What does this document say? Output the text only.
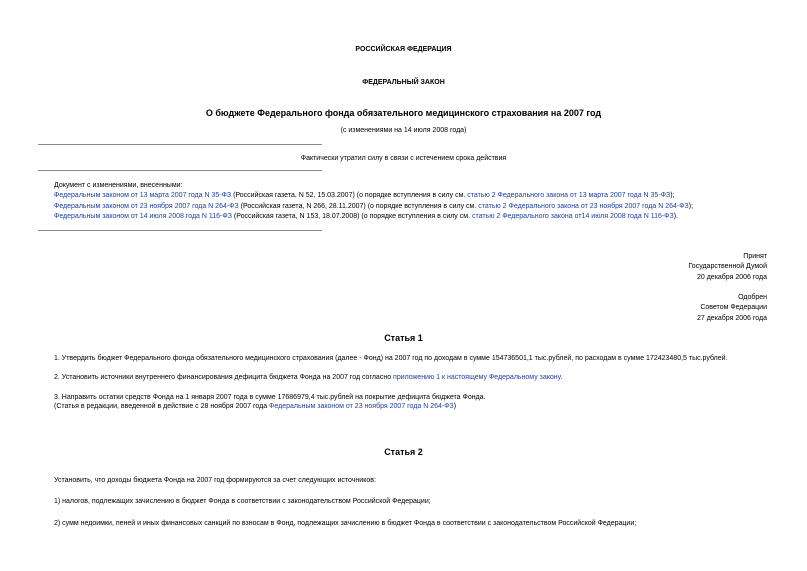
РОССИЙСКАЯ ФЕДЕРАЦИЯ
ФЕДЕРАЛЬНЫЙ ЗАКОН
О бюджете Федерального фонда обязательного медицинского страхования на 2007 год
(с изменениями на 14 июля 2008 года)
Фактически утратил силу в связи с истечением срока действия

Документ с изменениями, внесенными:

Федеральным законом от 13 марта 2007 года N 35-ФЗ (Российская газета, N 52, 15.03.2007) (о порядке вступления в силу см. статью 2 Федерального закона от 13 марта 2007 года N 35-ФЗ);

Федеральным законом от 23 ноября 2007 года N 264-ФЗ (Российская газета, N 266, 28.11.2007) (о порядке вступления в силу см. статью 2 Федерального закона от 23 ноября 2007 года N 264-ФЗ);

Федеральным законом от 14 июля 2008 года N 116-ФЗ (Российская газета, N 153, 18.07.2008) (о порядке вступления в силу см. статью 2 Федерального закона от14 июля 2008 года N 116-ФЗ).

Принят

Государственной Думой

20 декабря 2006 года

Одобрен

Советом Федерации

27 декабря 2006 года

Статья 1

1. Утвердить бюджет Федерального фонда обязательного медицинского страхования (далее - Фонд) на 2007 год по доходам в сумме 154736501,1 тыс.рублей, по расходам в сумме 172423480,5 тыс.рублей.

2. Установить источники внутреннего финансирования дефицита бюджета Фонда на 2007 год согласно приложению 1 к настоящему Федеральному закону.

3. Направить остатки средств Фонда на 1 января 2007 года в сумме 17686979,4 тыс.рублей на покрытие дефицита бюджета Фонда.

(Статья в редакции, введенной в действие с 28 ноября 2007 года Федеральным законом от 23 ноября 2007 года N 264-ФЗ)

Статья 2

Установить, что доходы бюджета Фонда на 2007 год формируются за счет следующих источников:

1) налогов, подлежащих зачислению в бюджет Фонда в соответствии с законодательством Российской Федерации;

2) сумм недоимки, пеней и иных финансовых санкций по взносам в Фонд, подлежащих зачислению в бюджет Фонда в соответствии с законодательством Российской Федерации;
